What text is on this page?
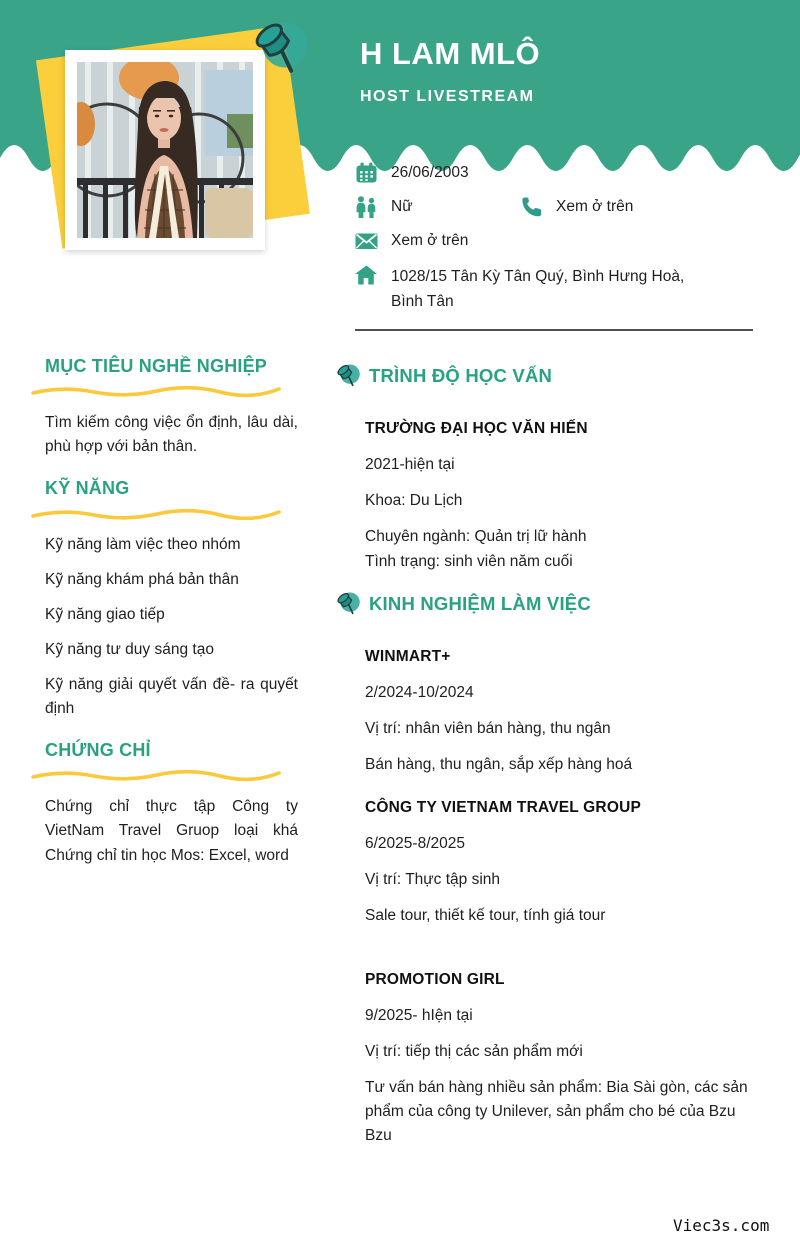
H LAM MLÔ
HOST LIVESTREAM
26/06/2003
Nữ	Xem ở trên
Xem ở trên
1028/15 Tân Kỳ Tân Quý, Bình Hưng Hoà, Bình Tân
MỤC TIÊU NGHỀ NGHIỆP

Tìm kiếm công việc ổn định, lâu dài, phù hợp với bản thân.

KỸ NĂNG
Kỹ năng làm việc theo nhóm
Kỹ năng khám phá bản thân
Kỹ năng giao tiếp
Kỹ năng tư duy sáng tạo
Kỹ năng giải quyết vấn đề- ra quyết định
CHỨNG CHỈ

Chứng chỉ thực tập Công ty VietNam Travel Gruop loại khá Chứng chỉ tin học Mos: Excel, word

TRÌNH ĐỘ HỌC VẤN

TRƯỜNG ĐẠI HỌC VĂN HIẾN

2021-hiện tại

Khoa: Du Lịch

Chuyên ngành: Quản trị lữ hành

Tình trạng: sinh viên năm cuối

KINH NGHIỆM LÀM VIỆC

WINMART+

2/2024-10/2024

Vị trí: nhân viên bán hàng, thu ngân

Bán hàng, thu ngân, sắp xếp hàng hoá

CÔNG TY VIETNAM TRAVEL GROUP

6/2025-8/2025

Vị trí: Thực tập sinh

Sale tour, thiết kế tour, tính giá tour

PROMOTION GIRL

9/2025- hIện tại

Vị trí: tiếp thị các sản phẩm mới

Tư vấn bán hàng nhiều sản phẩm: Bia Sài gòn, các sản phẩm của công ty Unilever, sản phẩm cho bé của Bzu Bzu

Viec3s.com
